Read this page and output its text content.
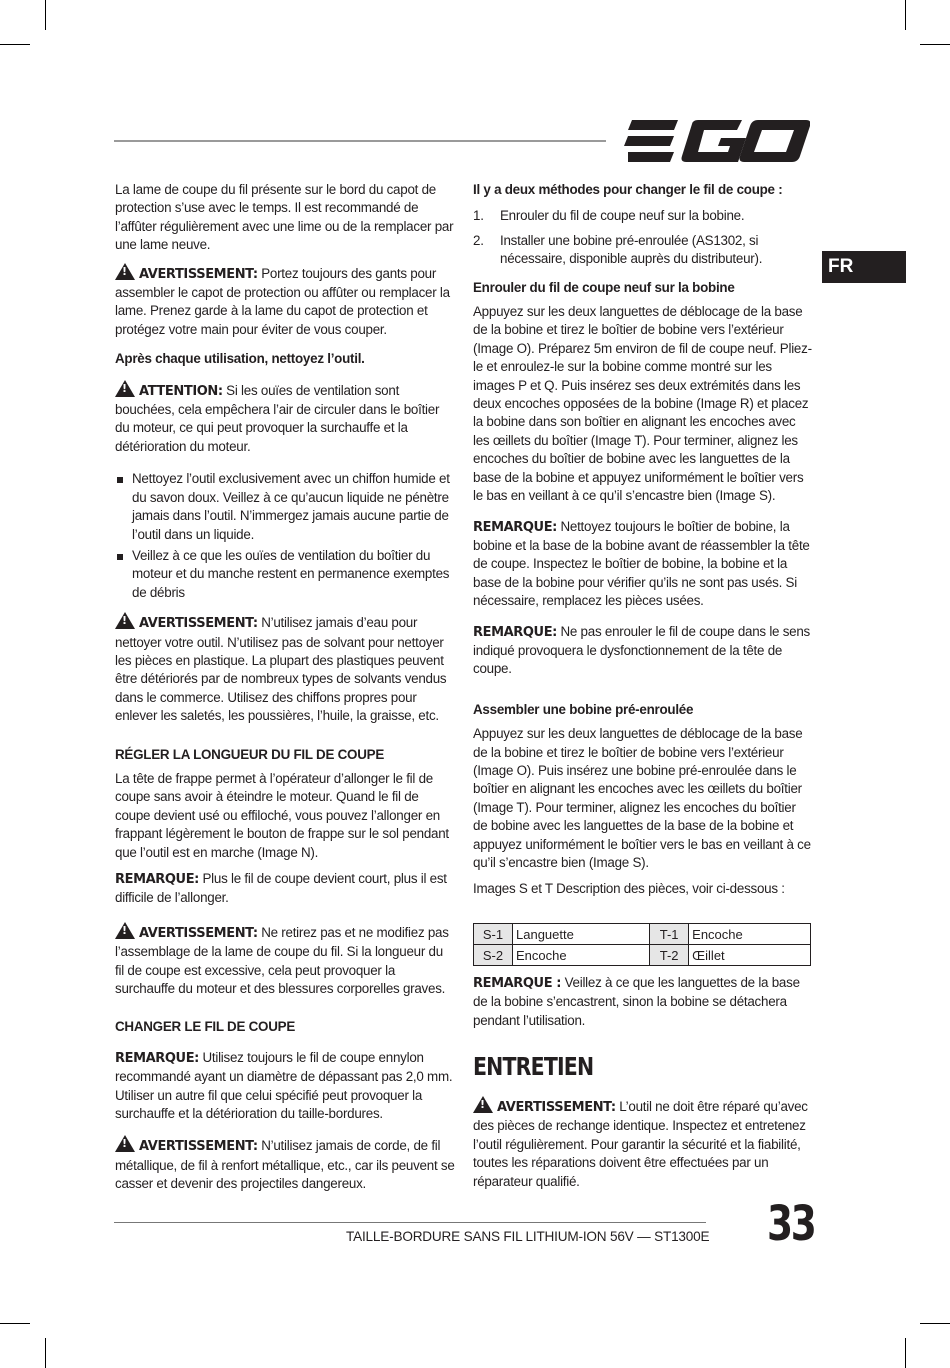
FR

La lame de coupe du fil présente sur le bord du capot de protection s’use avec le temps. Il est recommandé de l’affûter régulièrement avec une lime ou de la remplacer par une lame neuve.

!AVERTISSEMENT: Portez toujours des gants pour assembler le capot de protection ou affûter ou remplacer la lame. Prenez garde à la lame du capot de protection et protégez votre main pour éviter de vous couper.

Après chaque utilisation, nettoyez l’outil.

!ATTENTION: Si les ouïes de ventilation sont bouchées, cela empêchera l’air de circuler dans le boîtier du moteur, ce qui peut provoquer la surchauffe et la détérioration du moteur.

Nettoyez l’outil exclusivement avec un chiffon humide et du savon doux. Veillez à ce qu’aucun liquide ne pénètre jamais dans l’outil. N’immergez jamais aucune partie de l’outil dans un liquide.
Veillez à ce que les ouïes de ventilation du boîtier du moteur et du manche restent en permanence exemptes de débris

!AVERTISSEMENT: N’utilisez jamais d’eau pour nettoyer votre outil. N’utilisez pas de solvant pour nettoyer les pièces en plastique. La plupart des plastiques peuvent être détériorés par de nombreux types de solvants vendus dans le commerce. Utilisez des chiffons propres pour enlever les saletés, les poussières, l’huile, la graisse, etc.

RÉGLER LA LONGUEUR DU FIL DE COUPE

La tête de frappe permet à l’opérateur d’allonger le fil de coupe sans avoir à éteindre le moteur. Quand le fil de coupe devient usé ou effiloché, vous pouvez l’allonger en frappant légèrement le bouton de frappe sur le sol pendant que l’outil est en marche (Image N).

REMARQUE: Plus le fil de coupe devient court, plus il est difficile de l’allonger.

!AVERTISSEMENT: Ne retirez pas et ne modifiez pas l’assemblage de la lame de coupe du fil. Si la longueur du fil de coupe est excessive, cela peut provoquer la surchauffe du moteur et des blessures corporelles graves.

CHANGER LE FIL DE COUPE

REMARQUE: Utilisez toujours le fil de coupe ennylon recommandé ayant un diamètre de dépassant pas 2,0 mm. Utiliser un autre fil que celui spécifié peut provoquer la surchauffe et la détérioration du taille-bordures.

!AVERTISSEMENT: N’utilisez jamais de corde, de fil métallique, de fil à renfort métallique, etc., car ils peuvent se casser et devenir des projectiles dangereux.

Il y a deux méthodes pour changer le fil de coupe :

1. Enrouler du fil de coupe neuf sur la bobine.
2. Installer une bobine pré-enroulée (AS1302, si nécessaire, disponible auprès du distributeur).

Enrouler du fil de coupe neuf sur la bobine

Appuyez sur les deux languettes de déblocage de la base de la bobine et tirez le boîtier de bobine vers l’extérieur (Image O). Préparez 5m environ de fil de coupe neuf. Pliez-le et enroulez-le sur la bobine comme montré sur les images P et Q. Puis insérez ses deux extrémités dans les deux encoches opposées de la bobine (Image R) et placez la bobine dans son boîtier en alignant les encoches avec les œillets du boîtier (Image T). Pour terminer, alignez les encoches du boîtier de bobine avec les languettes de la base de la bobine et appuyez uniformément le boîtier vers le bas en veillant à ce qu’il s’encastre bien (Image S).

REMARQUE: Nettoyez toujours le boîtier de bobine, la bobine et la base de la bobine avant de réassembler la tête de coupe. Inspectez le boîtier de bobine, la bobine et la base de la bobine pour vérifier qu’ils ne sont pas usés. Si nécessaire, remplacez les pièces usées.

REMARQUE: Ne pas enrouler le fil de coupe dans le sens indiqué provoquera le dysfonctionnement de la tête de coupe.

Assembler une bobine pré-enroulée

Appuyez sur les deux languettes de déblocage de la base de la bobine et tirez le boîtier de bobine vers l’extérieur (Image O). Puis insérez une bobine pré-enroulée dans le boîtier en alignant les encoches avec les œillets du boîtier (Image T). Pour terminer, alignez les encoches du boîtier de bobine avec les languettes de la base de la bobine et appuyez uniformément le boîtier vers le bas en veillant à ce qu’il s’encastre bien (Image S).

Images S et T Description des pièces, voir ci-dessous :

S-1	Languette	T-1	Encoche
S-2	Encoche	T-2	Œillet

REMARQUE : Veillez à ce que les languettes de la base de la bobine s’encastrent, sinon la bobine se détachera pendant l’utilisation.

ENTRETIEN

!AVERTISSEMENT: L’outil ne doit être réparé qu’avec des pièces de rechange identique. Inspectez et entretenez l’outil régulièrement. Pour garantir la sécurité et la fiabilité, toutes les réparations doivent être effectuées par un réparateur qualifié.

TAILLE-BORDURE SANS FIL LITHIUM-ION 56V — ST1300E 33
